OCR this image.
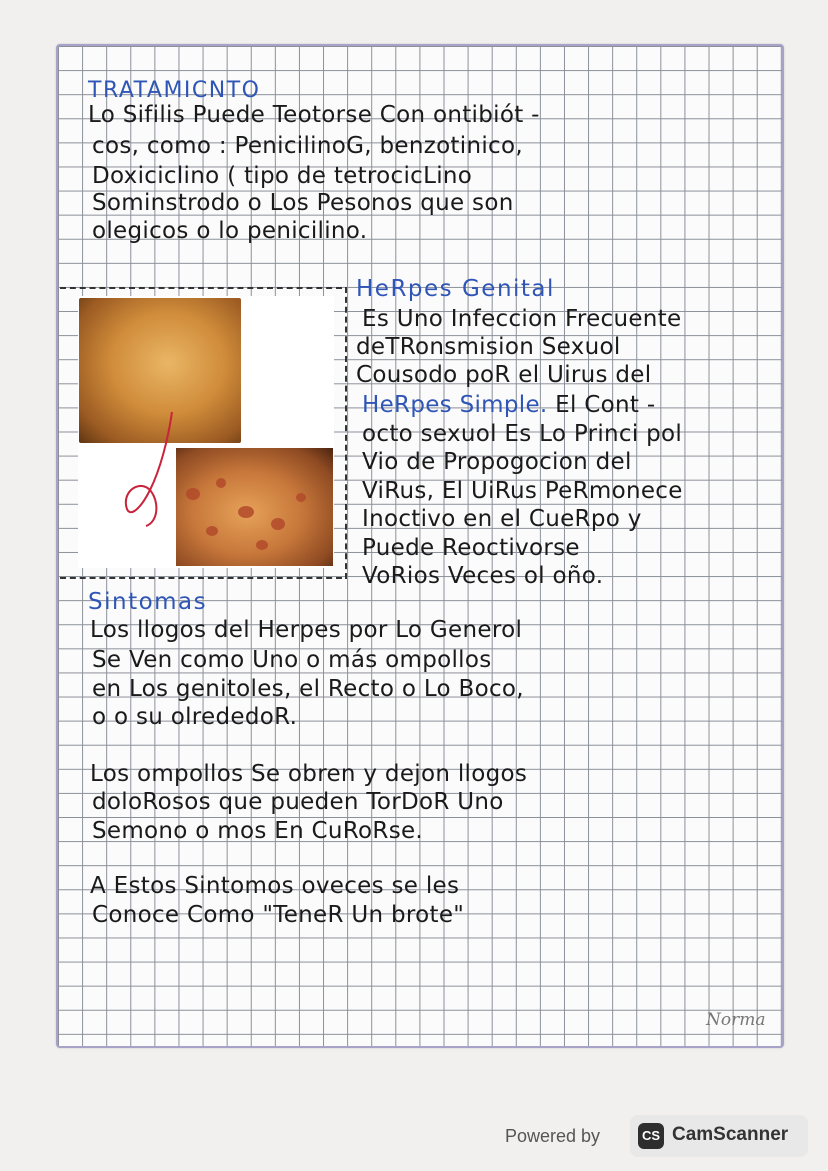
TRATAMICNTO
Lo Sifilis Puede Teotorse Con ontibiót -
cos, como : PenicilinoG, benzotinico,
Doxiciclino ( tipo de tetrocicLino
Sominstrodo o Los Pesonos que son
olegicos o lo penicilino.
HeRpes Genital
Es Uno Infeccion Frecuente
deTRonsmision Sexuol
Cousodo poR el Uirus del
HeRpes Simple. El Cont -
octo sexuol Es Lo Princi pol
Vio de Propogocion del
ViRus, El UiRus PeRmonece
Inoctivo en el CueRpo y
Puede Reoctivorse
VoRios Veces ol oño.
Sintomas
Los llogos del Herpes por Lo Generol
Se Ven como Uno o más ompollos
en Los genitoles, el Recto o Lo Boco,
o o su olrededoR.
Los ompollos Se obren y dejon llogos
doloRosos que pueden TorDoR Uno
Semono o mos En CuRoRse.
A Estos Sintomos oveces se les
Conoce Como "TeneR Un brote"
Norma
Powered by	CS CamScanner
